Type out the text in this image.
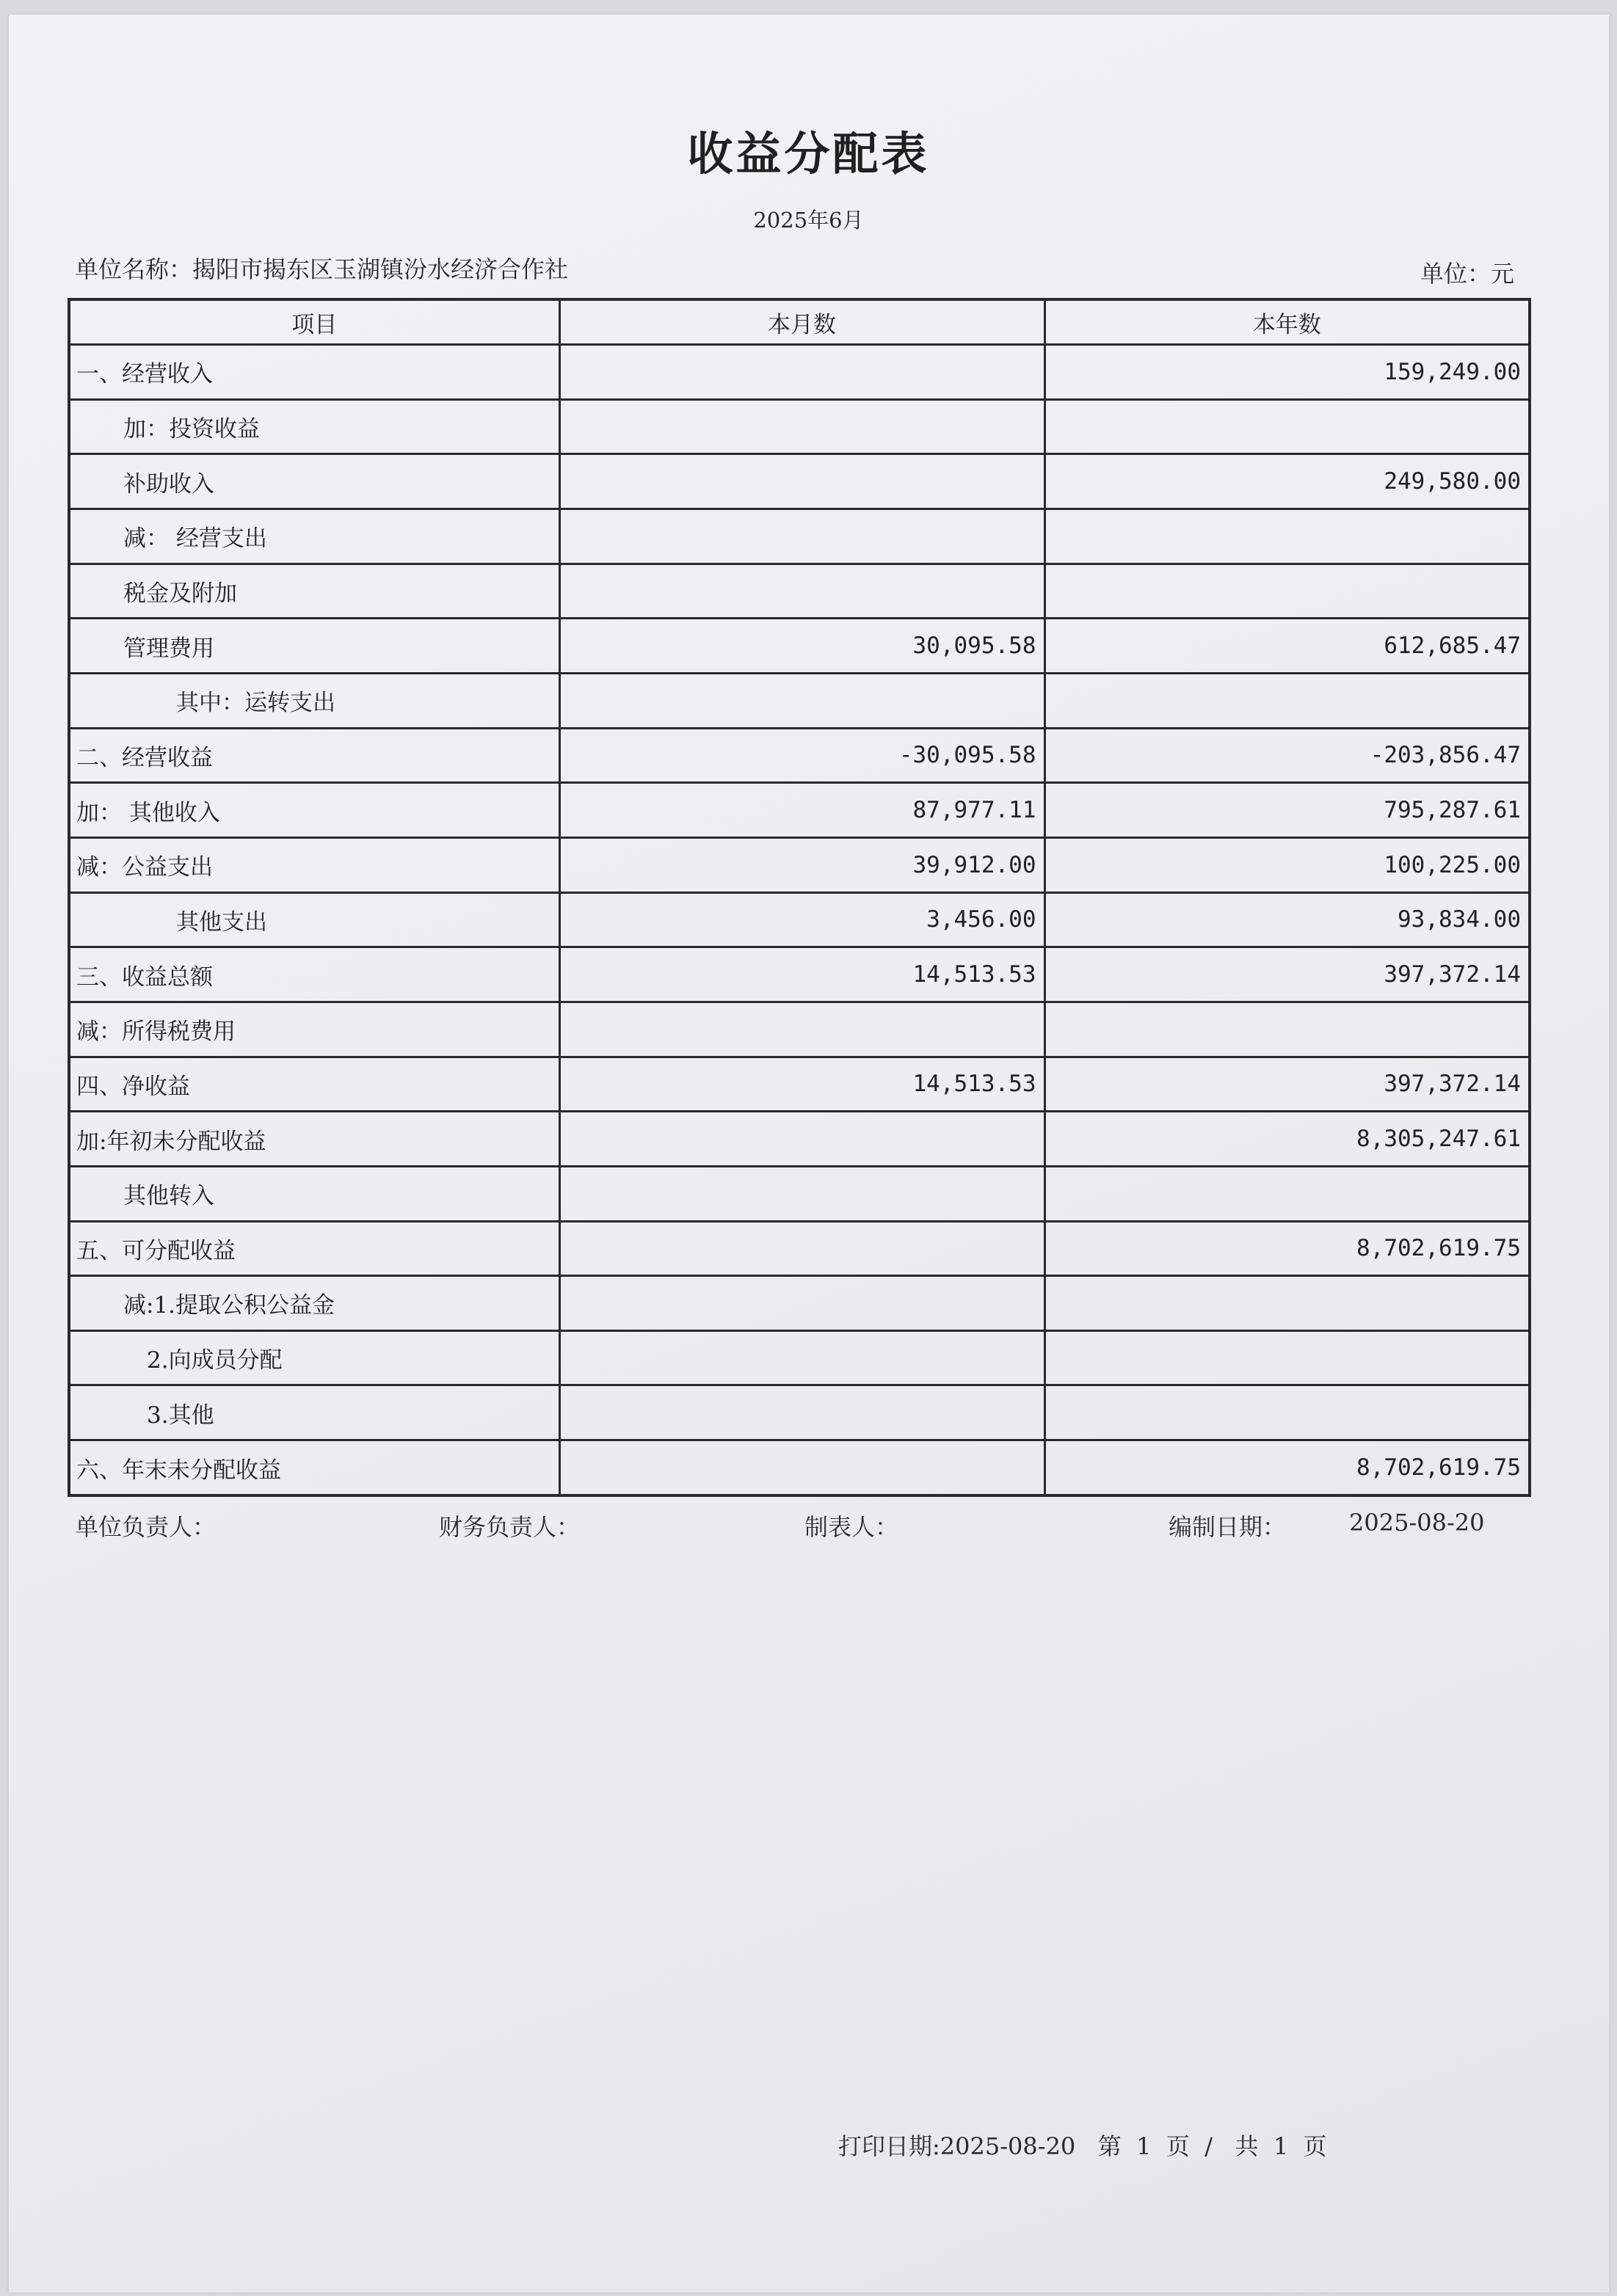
收益分配表
2025年6月
单位名称：揭阳市揭东区玉湖镇汾水经济合作社	单位：元
项目	本月数	本年数
一、经营收入		159,249.00
加：投资收益		
补助收入		249,580.00
减： 经营支出		
税金及附加		
管理费用	30,095.58	612,685.47
其中：运转支出		
二、经营收益	-30,095.58	-203,856.47
加： 其他收入	87,977.11	795,287.61
减：公益支出	39,912.00	100,225.00
其他支出	3,456.00	93,834.00
三、收益总额	14,513.53	397,372.14
减：所得税费用		
四、净收益	14,513.53	397,372.14
加:年初未分配收益		8,305,247.61
其他转入		
五、可分配收益		8,702,619.75
减:1.提取公积公益金		
2.向成员分配		
3.其他		
六、年末未分配收益		8,702,619.75
单位负责人：	财务负责人：	制表人：	编制日期：	2025-08-20
打印日期:2025-08-20   第  1  页  /   共  1  页
